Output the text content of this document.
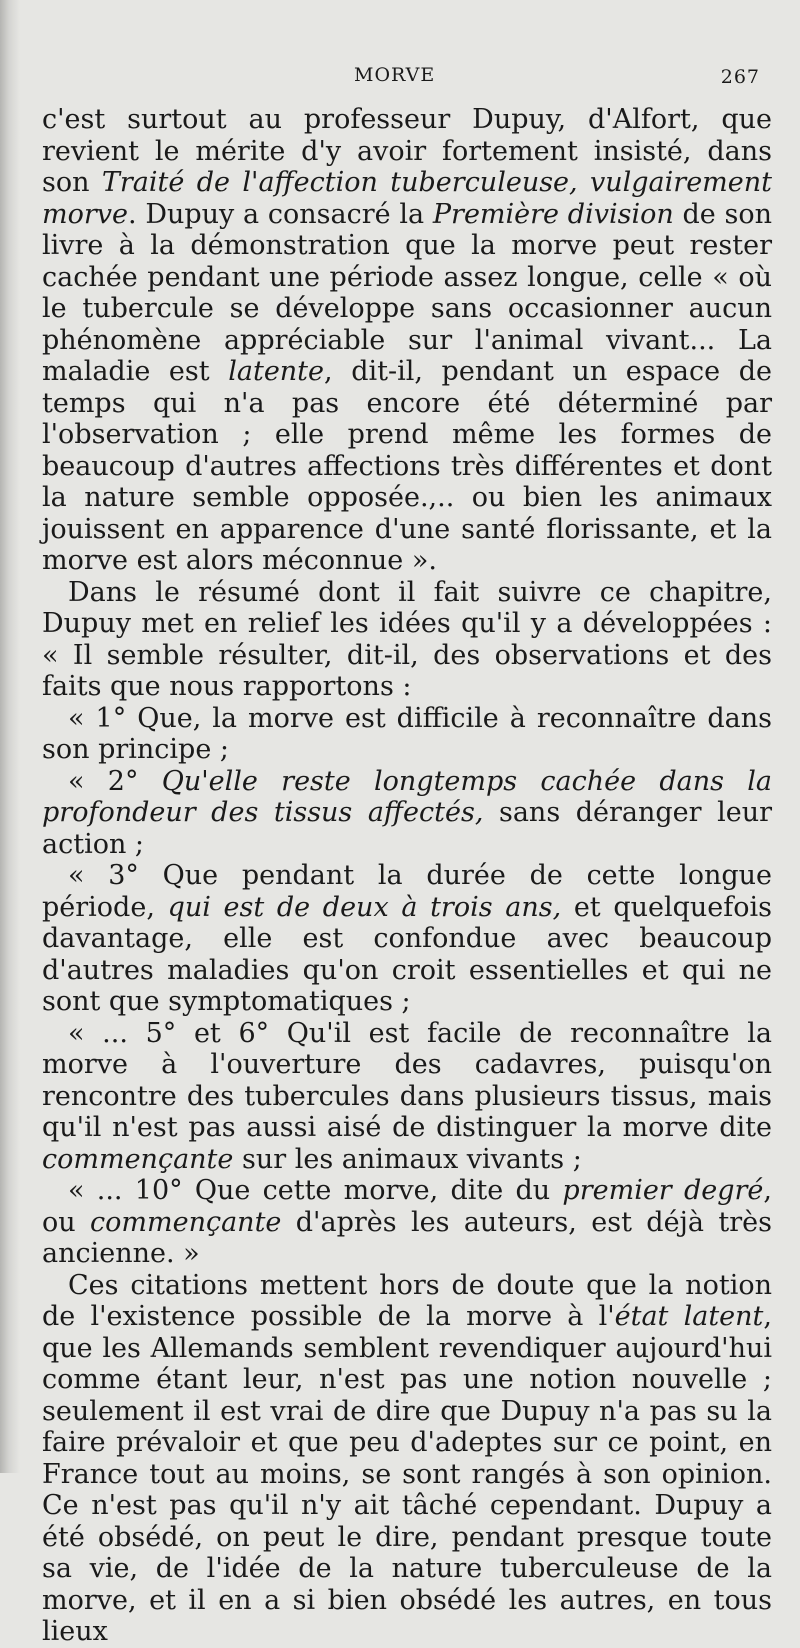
MORVE	267

c'est surtout au professeur Dupuy, d'Alfort, que revient le mérite d'y avoir fortement insisté, dans son Traité de l'affection tuberculeuse, vulgairement morve. Dupuy a consacré la Première division de son livre à la démonstration que la morve peut rester cachée pendant une période assez longue, celle « où le tubercule se développe sans occasionner aucun phénomène appréciable sur l'animal vivant... La maladie est latente, dit-il, pendant un espace de temps qui n'a pas encore été déterminé par l'observation ; elle prend même les formes de beaucoup d'autres affections très différentes et dont la nature semble opposée.,.. ou bien les animaux jouissent en apparence d'une santé florissante, et la morve est alors méconnue ».

Dans le résumé dont il fait suivre ce chapitre, Dupuy met en relief les idées qu'il y a développées : « Il semble résulter, dit-il, des observations et des faits que nous rapportons :

« 1° Que, la morve est difficile à reconnaître dans son principe ;

« 2° Qu'elle reste longtemps cachée dans la profondeur des tissus affectés, sans déranger leur action ;

« 3° Que pendant la durée de cette longue période, qui est de deux à trois ans, et quelquefois davantage, elle est confondue avec beaucoup d'autres maladies qu'on croit essentielles et qui ne sont que symptomatiques ;

« ... 5° et 6° Qu'il est facile de reconnaître la morve à l'ouverture des cadavres, puisqu'on rencontre des tubercules dans plusieurs tissus, mais qu'il n'est pas aussi aisé de distinguer la morve dite commençante sur les animaux vivants ;

« ... 10° Que cette morve, dite du premier degré, ou commençante d'après les auteurs, est déjà très ancienne. »

Ces citations mettent hors de doute que la notion de l'existence possible de la morve à l'état latent, que les Allemands semblent revendiquer aujourd'hui comme étant leur, n'est pas une notion nouvelle ; seulement il est vrai de dire que Dupuy n'a pas su la faire prévaloir et que peu d'adeptes sur ce point, en France tout au moins, se sont rangés à son opinion. Ce n'est pas qu'il n'y ait tâché cependant. Dupuy a été obsédé, on peut le dire, pendant presque toute sa vie, de l'idée de la nature tuberculeuse de la morve, et il en a si bien obsédé les autres, en tous lieux
